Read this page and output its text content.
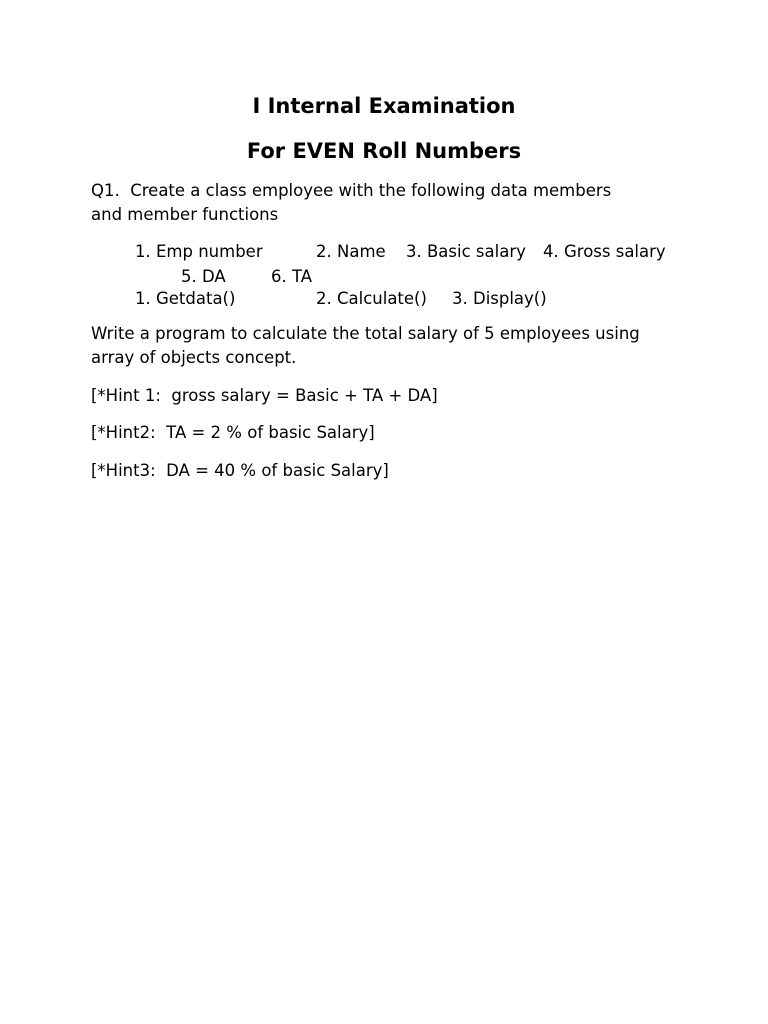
I Internal Examination
For EVEN Roll Numbers
Q1.  Create a class employee with the following data members
and member functions
1. Emp number	2. Name 3. Basic salary 4. Gross salary
5. DA	6. TA
1. Getdata()	2. Calculate() 3. Display()
Write a program to calculate the total salary of 5 employees using
array of objects concept.
[*Hint 1:  gross salary = Basic + TA + DA]
[*Hint2:  TA = 2 % of basic Salary]
[*Hint3:  DA = 40 % of basic Salary]
